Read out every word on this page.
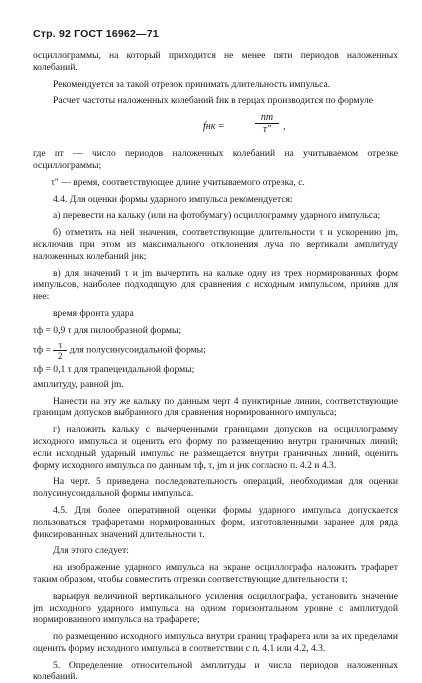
Стр. 92 ГОСТ 16962—71

осциллограммы, на который приходится не менее пяти периодов наложенных колебаний.

Рекомендуется за такой отрезок принимать длительность импульса.

Расчет частоты наложенных колебаний fнк в герцах производится по формуле

fнк =
nт
τ″	,

где nт — число периодов наложенных колебаний на учитываемом отрезке осциллограммы;

τ″ — время, соответствующее длине учитываемого отрезка, с.

4.4. Для оценки формы ударного импульса рекомендуется:

а) перевести на кальку (или на фотобумагу) осциллограмму ударного импульса;

б) отметить на ней значения, соответствующие длительности τ и ускорению jm, исключив при этом из максимального отклонения луча по вертикали амплитуду наложенных колебаний jнк;

в) для значений τ и jm вычертить на кальке одну из трех нормированных форм импульсов, наиболее подходящую для сравнения с исходным импульсом, приняв для нее:

время фронта удара

τф = 0,9 τ для пилообразной формы;
$\tau ф = \frac{\tau}{2}$ для полусинусоидальной формы;
τф = 0,1 τ для трапецеидальной формы;

амплитуду, равной jm.

Нанести на эту же кальку по данным черт 4 пунктирные линии, соответствующие границам допусков выбранного для сравнения нормированного импульса;

г) наложить кальку с вычерченными границами допусков на осциллограмму исходного импульса и оценить его форму по размещению внутри граничных линий; если исходный ударный импульс не размещается внутри граничных линий, оценить форму исходного импульса по данным τф, τ, jm и jнк согласно п. 4.2 и 4.3.

На черт. 5 приведена последовательность операций, необходимая для оценки полусинусоидальной формы импульса.

4.5. Для более оперативной оценки формы ударного импульса допускается пользоваться трафаретами нормированных форм, изготовленными заранее для ряда фиксированных значений длительности τ.

Для этого следует:

на изображение ударного импульса на экране осциллографа наложить трафарет таким образом, чтобы совместить отрезки соответствующие длительности τ;

варьируя величиной вертикального усиления осциллографа, установить значение jm исходного ударного импульса на одном горизонтальном уровне с амплитудой нормированного импульса на трафарете;

по размещению исходного импульса внутри границ трафарета или за их пределами оценить форму исходного импульса в соответствии с п. 4.1 или 4.2, 4.3.

5. Определение относительной амплитуды и числа периодов наложенных колебаний.
